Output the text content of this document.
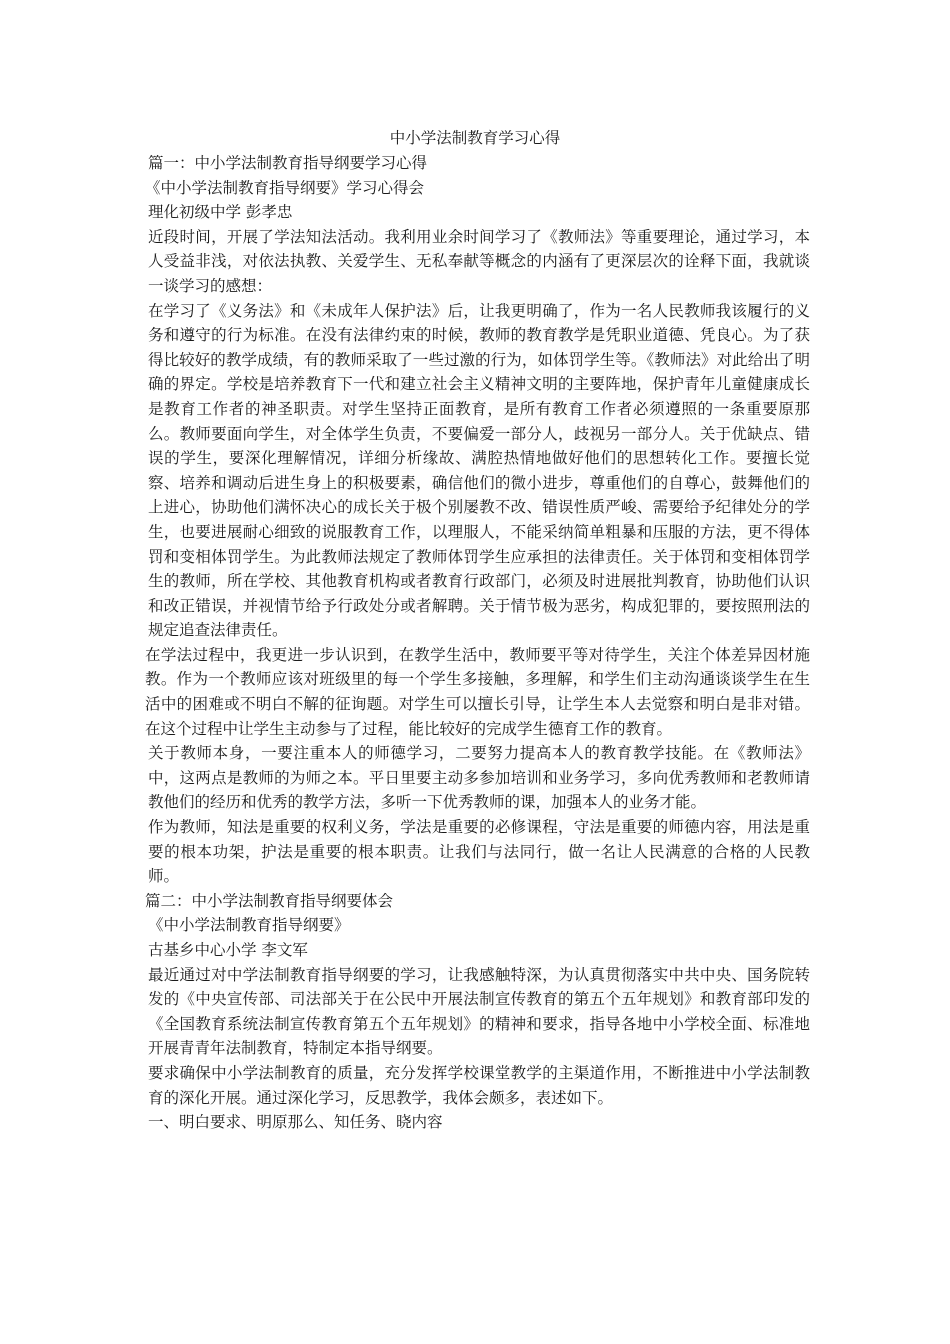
中小学法制教育学习心得

篇一：中小学法制教育指导纲要学习心得

《中小学法制教育指导纲要》学习心得会

理化初级中学 彭孝忠

近段时间，开展了学法知法活动。我利用业余时间学习了《教师法》等重要理论，通过学习，本人受益非浅，对依法执教、关爱学生、无私奉献等概念的内涵有了更深层次的诠释下面，我就谈一谈学习的感想：

在学习了《义务法》和《未成年人保护法》后，让我更明确了，作为一名人民教师我该履行的义务和遵守的行为标准。在没有法律约束的时候，教师的教育教学是凭职业道德、凭良心。为了获得比较好的教学成绩，有的教师采取了一些过激的行为，如体罚学生等。《教师法》对此给出了明确的界定。学校是培养教育下一代和建立社会主义精神文明的主要阵地，保护青年儿童健康成长是教育工作者的神圣职责。对学生坚持正面教育，是所有教育工作者必须遵照的一条重要原那么。教师要面向学生，对全体学生负责，不要偏爱一部分人，歧视另一部分人。关于优缺点、错误的学生，要深化理解情况，详细分析缘故、满腔热情地做好他们的思想转化工作。要擅长觉察、培养和调动后进生身上的积极要素，确信他们的微小进步，尊重他们的自尊心，鼓舞他们的上进心，协助他们满怀决心的成长关于极个别屡教不改、错误性质严峻、需要给予纪律处分的学生，也要进展耐心细致的说服教育工作，以理服人，不能采纳简单粗暴和压服的方法，更不得体罚和变相体罚学生。为此教师法规定了教师体罚学生应承担的法律责任。关于体罚和变相体罚学生的教师，所在学校、其他教育机构或者教育行政部门，必须及时进展批判教育，协助他们认识和改正错误，并视情节给予行政处分或者解聘。关于情节极为恶劣，构成犯罪的，要按照刑法的规定追查法律责任。

在学法过程中，我更进一步认识到，在教学生活中，教师要平等对待学生，关注个体差异因材施教。作为一个教师应该对班级里的每一个学生多接触，多理解，和学生们主动沟通谈谈学生在生活中的困难或不明白不解的征询题。对学生可以擅长引导，让学生本人去觉察和明白是非对错。在这个过程中让学生主动参与了过程，能比较好的完成学生德育工作的教育。

关于教师本身，一要注重本人的师德学习，二要努力提高本人的教育教学技能。在《教师法》中，这两点是教师的为师之本。平日里要主动多参加培训和业务学习，多向优秀教师和老教师请教他们的经历和优秀的教学方法，多听一下优秀教师的课，加强本人的业务才能。

作为教师，知法是重要的权利义务，学法是重要的必修课程，守法是重要的师德内容，用法是重要的根本功架，护法是重要的根本职责。让我们与法同行，做一名让人民满意的合格的人民教师。

篇二：中小学法制教育指导纲要体会

《中小学法制教育指导纲要》

古基乡中心小学 李文军

最近通过对中学法制教育指导纲要的学习，让我感触特深，为认真贯彻落实中共中央、国务院转发的《中央宣传部、司法部关于在公民中开展法制宣传教育的第五个五年规划》和教育部印发的《全国教育系统法制宣传教育第五个五年规划》的精神和要求，指导各地中小学校全面、标准地开展青青年法制教育，特制定本指导纲要。

要求确保中小学法制教育的质量，充分发挥学校课堂教学的主渠道作用，不断推进中小学法制教育的深化开展。通过深化学习，反思教学，我体会颇多，表述如下。

一、明白要求、明原那么、知任务、晓内容
